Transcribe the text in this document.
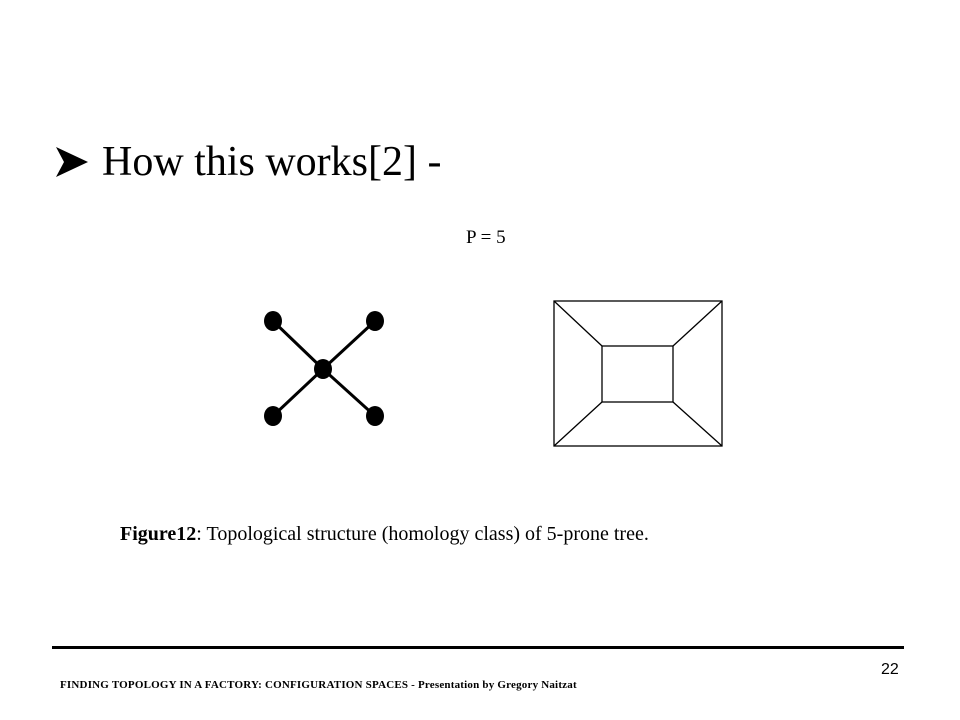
How this works[2] -
P = 5
Figure12: Topological structure (homology class) of 5-prone tree.
FINDING TOPOLOGY IN A FACTORY: CONFIGURATION SPACES - Presentation by Gregory Naitzat
22
